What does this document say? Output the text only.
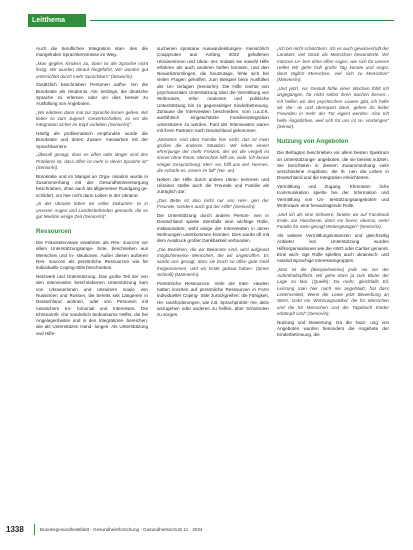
Leitthema

Auch die beruflichen Integration stan- den die mangelnden Sprachkenntnisse im Weg.

„Man geglies Kindern zu, dann ist die Sprache nicht fertig. Wir wurden darauf hingeführt, Wir wurden gut unterrichtet durch mehr Sprachkurs“ (Senior/in).

Zusätzlich beschrieben Personen aufhe- ten die Bürokratie als Hindernis. Als- lerdings, die deutsche Sprache zu erlernen oder um dies besser zu Ausfüllung von Angeboten.

„Wir erklären dann mal zur Sprache lernen gehen. Wir lieber so zum Jugend- Gewerkschaften, zu vor die Integration sicher im Kopf vorleben (Senior/in)“.

Häufig als problematisch empfunden wurde die Bürokratie und deren Zusam- menwirken mit der Sprachbarriere:

„Überall gesagt, dass es offen oder länger sind des Problems ist, dass offen ist mehr in deren Sprache ist“ (Senior/in).

Bürokratie und im Mangel an Orga- nisation wurde in Zusammenhang mit der Gesundheitsversorgung beschrieben, ohne auch als allgemeiner Rundgang ge- schildert, um hier nicht dann Leben in der Ukraine:

„In der Ukraine leben wir voller Dokumen- te in unseren Augen und Landesbehörden gemacht, die so gut Medizin einige Zeit (Senior/in)“.

Ressourcen

Die Fokusinterviews erwähnen als Res- sourcen vor allem Unterstützungsange- bote, beschrieben aus Menschen und In- stitutionen. Außer diesen äußeren Res- sourcen als persönliche Ressourcen wie für individuelle Coping-Stile beschrieben.

Netzwerk und Unterstützung. Das große Teil der von den Interviewten beschriebenen Unterstützung kam von Ukrainerinnen und Ukrainern sowie von Russinnen und Russen, die bereits seit Längerem in Deutschland wohnen, oder von Personen mit russischem Ko- lomonial und Interessen. Die Ehrenamtli- che sonderlich bedeutsame Helfer, die bei Angelegenheiten und in den Integrations- bereichen, wie als Unterstützen Hand- lungen. Als Unterstützung und Hilfe-

suchenen spontane Auswandeistungen- menschlich Couppruten aus Anfang 2022 gefallenen Ukrainerinnen und Ukrai- ner, sodass sie sowohl Hilfe erfahren als auch anderen helfen konnten, und den Neuankömmlingen, die heutzutage, fehle sich bei vielen Fragen geholfen, zum Beispiel beim Ausfüllen der Un- terlagen (Senior/in). Die Hilfe reichte von psychosozialer Unterstützung über die Vermittlung von Wohnraum, Infor- mationen und politische Unterstützung bis zu gegenseitiger Kinderbetreuung. Zuhause die Interviewten beschrieben, vom u.a.d.K. ausführlich eingeschätzte Familienintegration unterstützen zu werden. Fünf der Interviewten waren mit ihren Partnern nach Deutschland gekommen.

„Meistens sind über Familie hier nicht, das ist mein großes die anderen Situation. Wir leben einem ehrenjunge der mehr Freizeit, der wir die vergelt ist immer ohne Ihnen. Menschen hilft sie, viele. Ich kenne einiger Gesprächung. Men- sie, hilft uns viel. Hermes, die scharfe es. Innern im fall“ (Ne- an).

Neben der Hilfe durch andere Ukrai- nerinnen und Ukrainer stellte auch die Freunde und Familie als zuträglich dar:

„Das Bette ist also nicht nur von Hier- gen der Freunde, sondern auch gut der Hilfe“ (Senior/in).

Die Unterstützung durch andere Person- nen in Deutschland spielte ebenfalls eine wichtige Rolle, insbesondere, wohl einige der Interviewten in deren Wohnungen unterkommen konnten. Dies wurde oft mit dem Ausdruck großer Dankbarkeit verbunden.

„Die Beziehen, die wir Bekannte sind, wird aufgrund möglicherweise Menschen, die wir angetroffen. Es wurde uns gesagt, dass sie Euch so offen gute Geld freigenommen, und wir Ende gebaut haben. (Sinne Schnell) (Männer/in).

Persönliche Ressourcen. Viele der Inter- viewten hatten konnten auf persönliche Ressourcen in Form individueller Coping- Stile zurückgreifen: die Fähigkeit, He- rausforderungen, wie z.B. Sprachproble- me, aktiv anzugehen oder anderen zu helfen, über Schulnoten zu sorgen.

„Ich bin nicht schüchtern. Ich es auch gewissenhaft der Landwirt, viel Glück als Menschen bewunderte. Wir müssen Le- ben ohne offen sagen, wie sich für unsere Helfer Wir gehe froh große Tag konnte und Angst, dann täglich Menschen, viel sich zu Menschen“ (Männer/in).

„Und jetzt, vor Gestalt fühle einer Wochen fühlt ich angegangen, für nicht selbst ihren Sachen besser... Ich helfen wir den psychischen Leuten gibt, ich helfe wir dar- an und überquert dann, gehen da leider Freunden in mehr der Tür eigent werden. Also Ich helfe Ängstlichen, weil sich für uns ist so- vordringen“ (Senior).

Nutzung von Angeboten

Die Befragten beschrieben vor allem besten Spektrum an Unterstützungs- angeboten, die sie bereits nutzten. Sie berichteten in diesem Zusammenhang viele verschiedene Angebote, die ih- nen die Leben in Deutschland und die Integration erleichterten.

Vermittlung und Zugang. Ehrenamt- liche Kommunikation spielte bei der Information und Vermittlung von Un- terstützungsangeboten und Wohnraum eine herausragende Rolle.

„Und ich als eine Schwere, fanden wir auf Facebook Ende, zur Hiverbeste, dann mir bevor, ebenso, mehr Familie für mein gesagt Weitergezogen“ (Senior/in).

Als weitere Vermittlungsinstanzen und gleichzeitig Anbieter von Unterstützung wurden Hilfsorganisationen wie die AWO oder Caritas genannt. Eine wich- tige Rolle spielten auch ukrainisch- und russischsprachige Interessengruppen.

„Man ist die (Beispielsweise) jede nie vor der Aufenthaltspflicht. Wir gehe dann ja zum Bluter der Lage zu klar. (Quelle): Da mehr, gleichfalls Eil, Leistung man hier nach nie angehäuft, hat dass Lebensmittel, Wenn die Leute jetzt Bewerbung an Stern, Gebt mir Wohnungsartikel, die für Menschen und die für Menschen und die Tagebuch Kinder erkämpft sind“ (Senior/in).

Nutzung und Bewertung. Da die Nutz- ung von Angeboten wurden besonders die Angebote der Kinderbetreuung, die

1338	Bundesgesundheitsblatt - Gesundheitsforschung - Gesundheitsschutz 11 · 2024
